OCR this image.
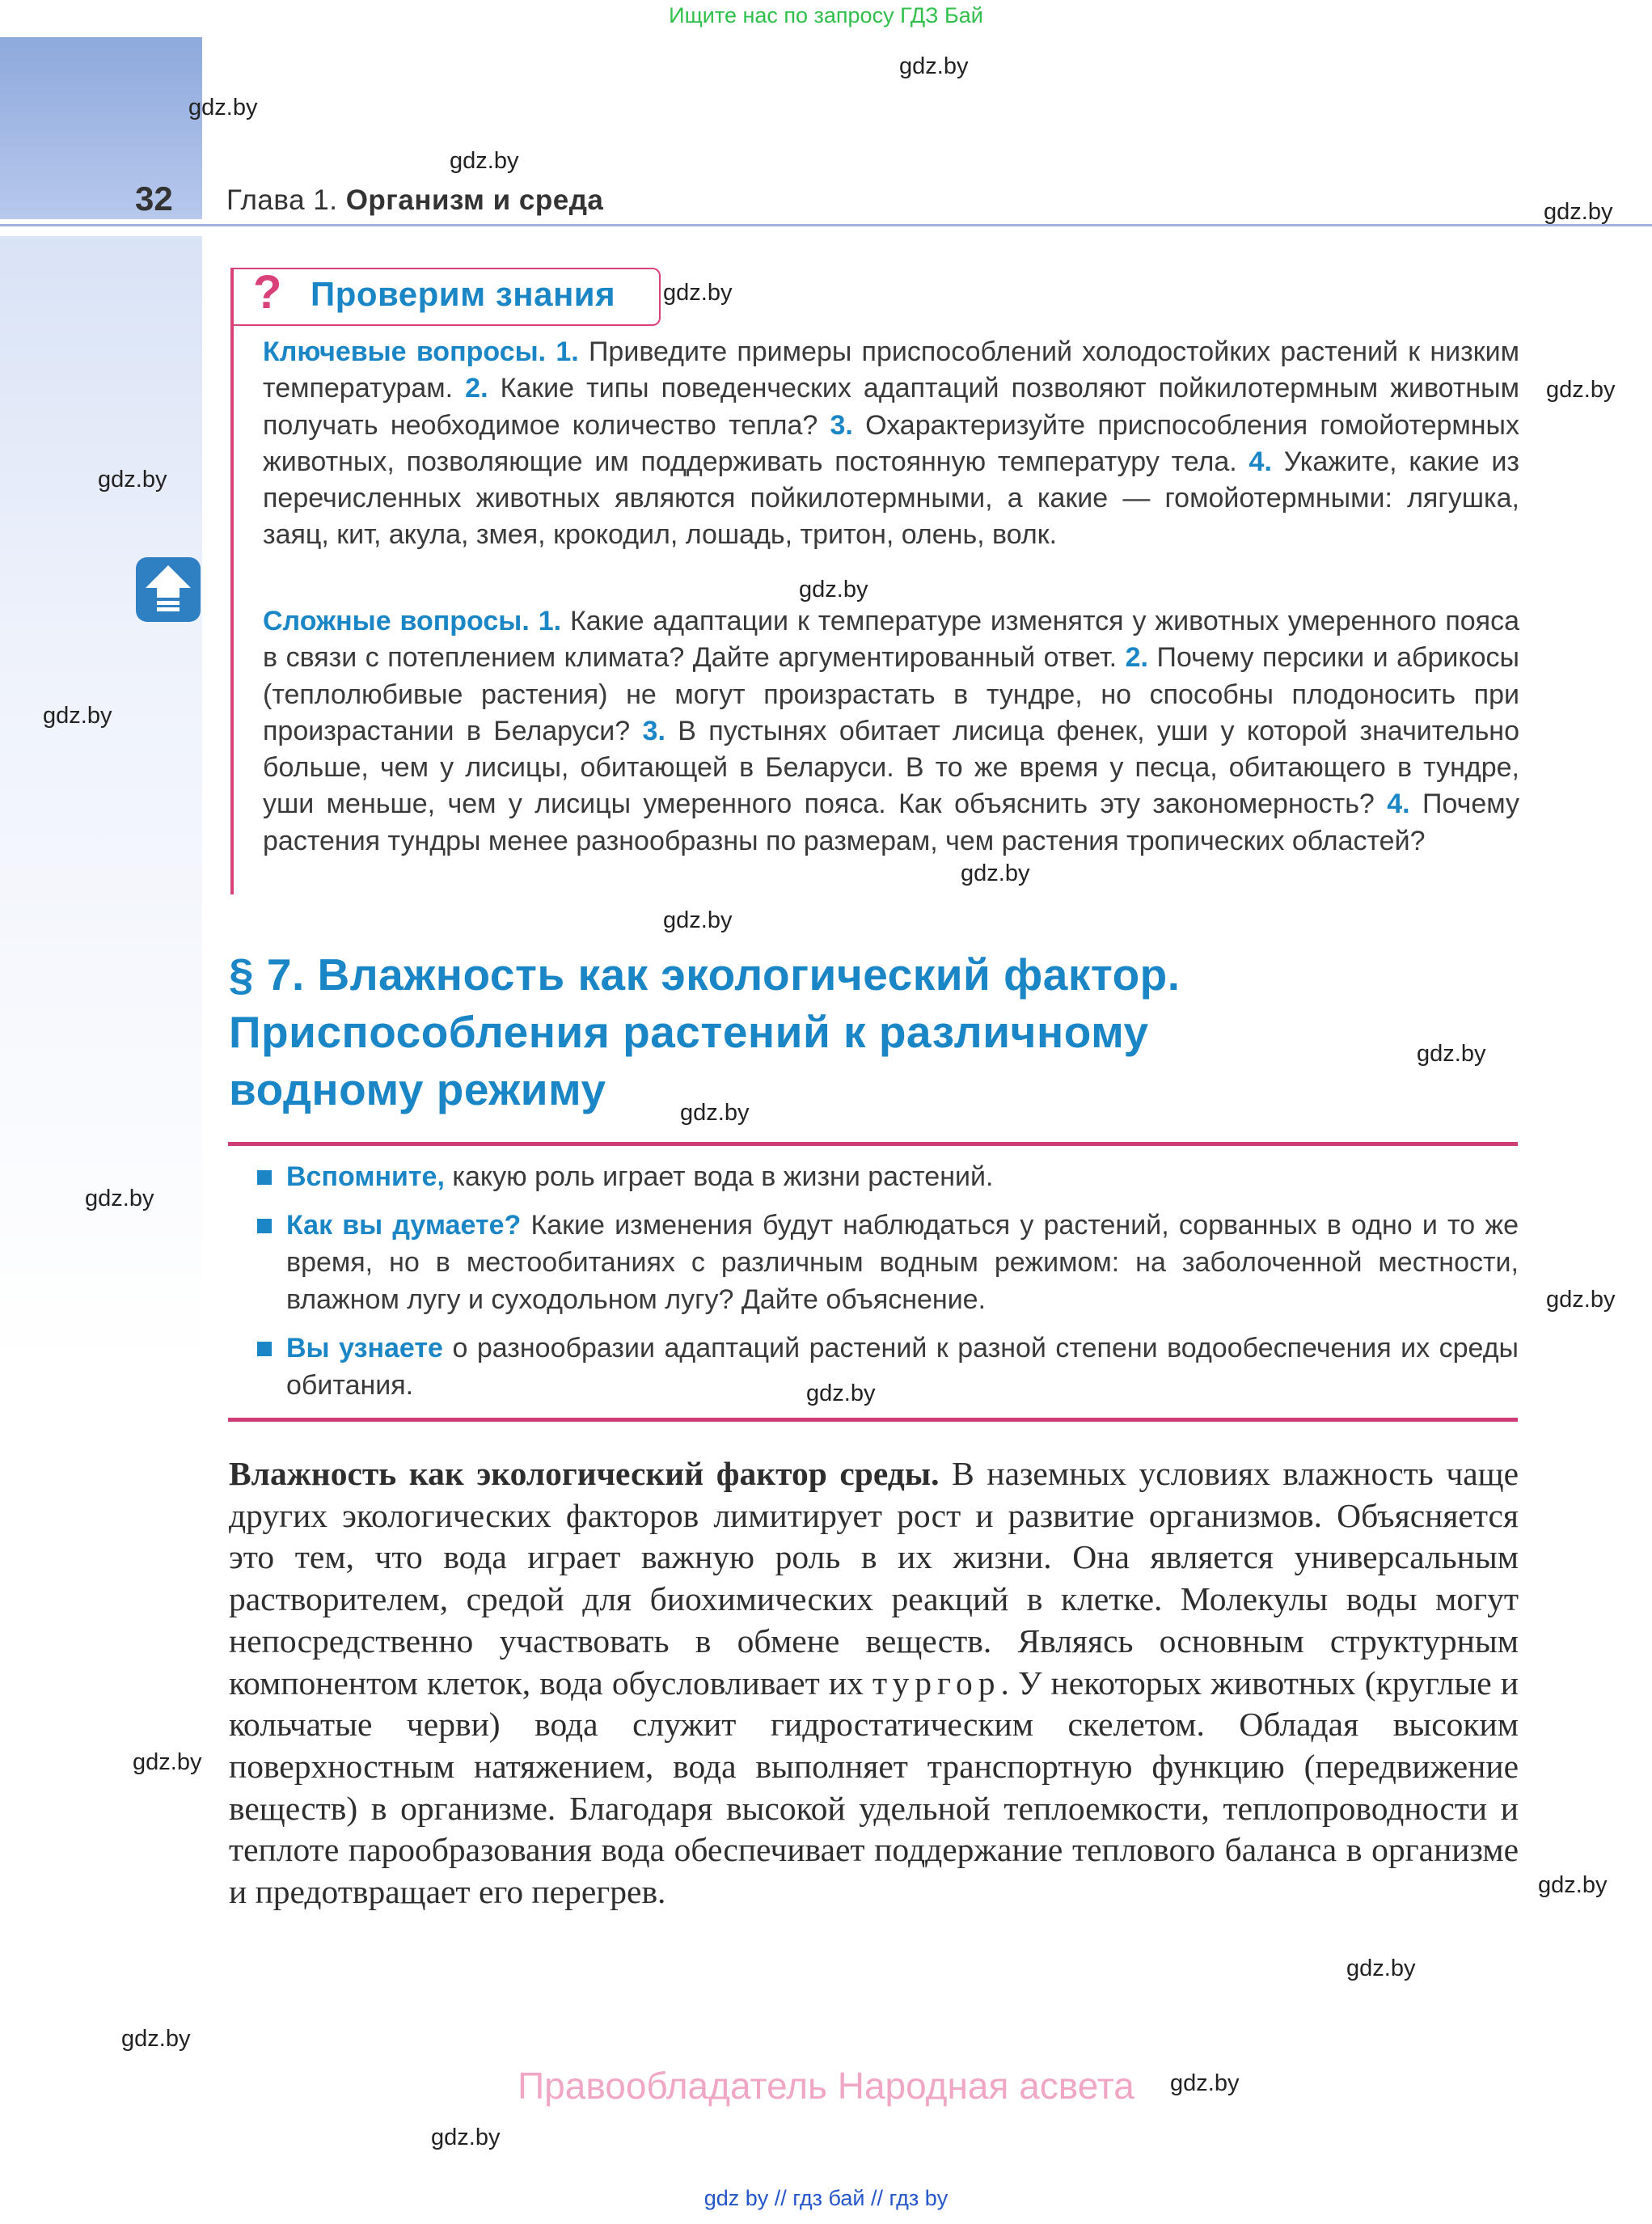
Ищите нас по запросу ГДЗ Бай
32 Глава 1. Организм и среда
gdz.by
gdz.by
gdz.by
gdz.by
gdz.by
gdz.by
gdz.by
gdz.by
gdz.by
gdz.by
gdz.by
gdz.by
gdz.by
gdz.by
gdz.by
gdz.by
gdz.by
gdz.by
gdz.by
gdz.by
gdz.by
gdz.by
? Проверим знания
Ключевые вопросы. 1. Приведите примеры приспособлений холодостойких растений к низким температурам. 2. Какие типы поведенческих адаптаций позволяют пойкилотермным животным получать необходимое количество тепла? 3. Охарактеризуйте приспособления гомойотермных животных, позволяющие им поддерживать постоянную температуру тела. 4. Укажите, какие из перечисленных животных являются пойкилотермными, а какие — гомойотермными: лягушка, заяц, кит, акула, змея, крокодил, лошадь, тритон, олень, волк.
Сложные вопросы. 1. Какие адаптации к температуре изменятся у животных умеренного пояса в связи с потеплением климата? Дайте аргументированный ответ. 2. Почему персики и абрикосы (теплолюбивые растения) не могут произрастать в тундре, но способны плодоносить при произрастании в Беларуси? 3. В пустынях обитает лисица фенек, уши у которой значительно больше, чем у лисицы, обитающей в Беларуси. В то же время у песца, обитающего в тундре, уши меньше, чем у лисицы умеренного пояса. Как объяснить эту закономерность? 4. Почему растения тундры менее разнообразны по размерам, чем растения тропических областей?
§ 7. Влажность как экологический фактор.
Приспособления растений к различному
водному режиму
Вспомните, какую роль играет вода в жизни растений.
Как вы думаете? Какие изменения будут наблюдаться у растений, сорванных в одно и то же время, но в местообитаниях с различным водным режимом: на заболоченной местности, влажном лугу и суходольном лугу? Дайте объяснение.
Вы узнаете о разнообразии адаптаций растений к разной степени водообеспечения их среды обитания.
Влажность как экологический фактор среды. В наземных условиях влажность чаще других экологических факторов лимитирует рост и развитие организмов. Объясняется это тем, что вода играет важную роль в их жизни. Она является универсальным растворителем, средой для биохимических реакций в клетке. Молекулы воды могут непосредственно участвовать в обмене веществ. Являясь основным структурным компонентом клеток, вода обусловливает их тургор. У некоторых животных (круглые и кольчатые черви) вода служит гидростатическим скелетом. Обладая высоким поверхностным натяжением, вода выполняет транспортную функцию (передвижение веществ) в организме. Благодаря высокой удельной теплоемкости, теплопроводности и теплоте парообразования вода обеспечивает поддержание теплового баланса в организме и предотвращает его перегрев.
Правообладатель Народная асвета
gdz by // гдз бай // гдз by
